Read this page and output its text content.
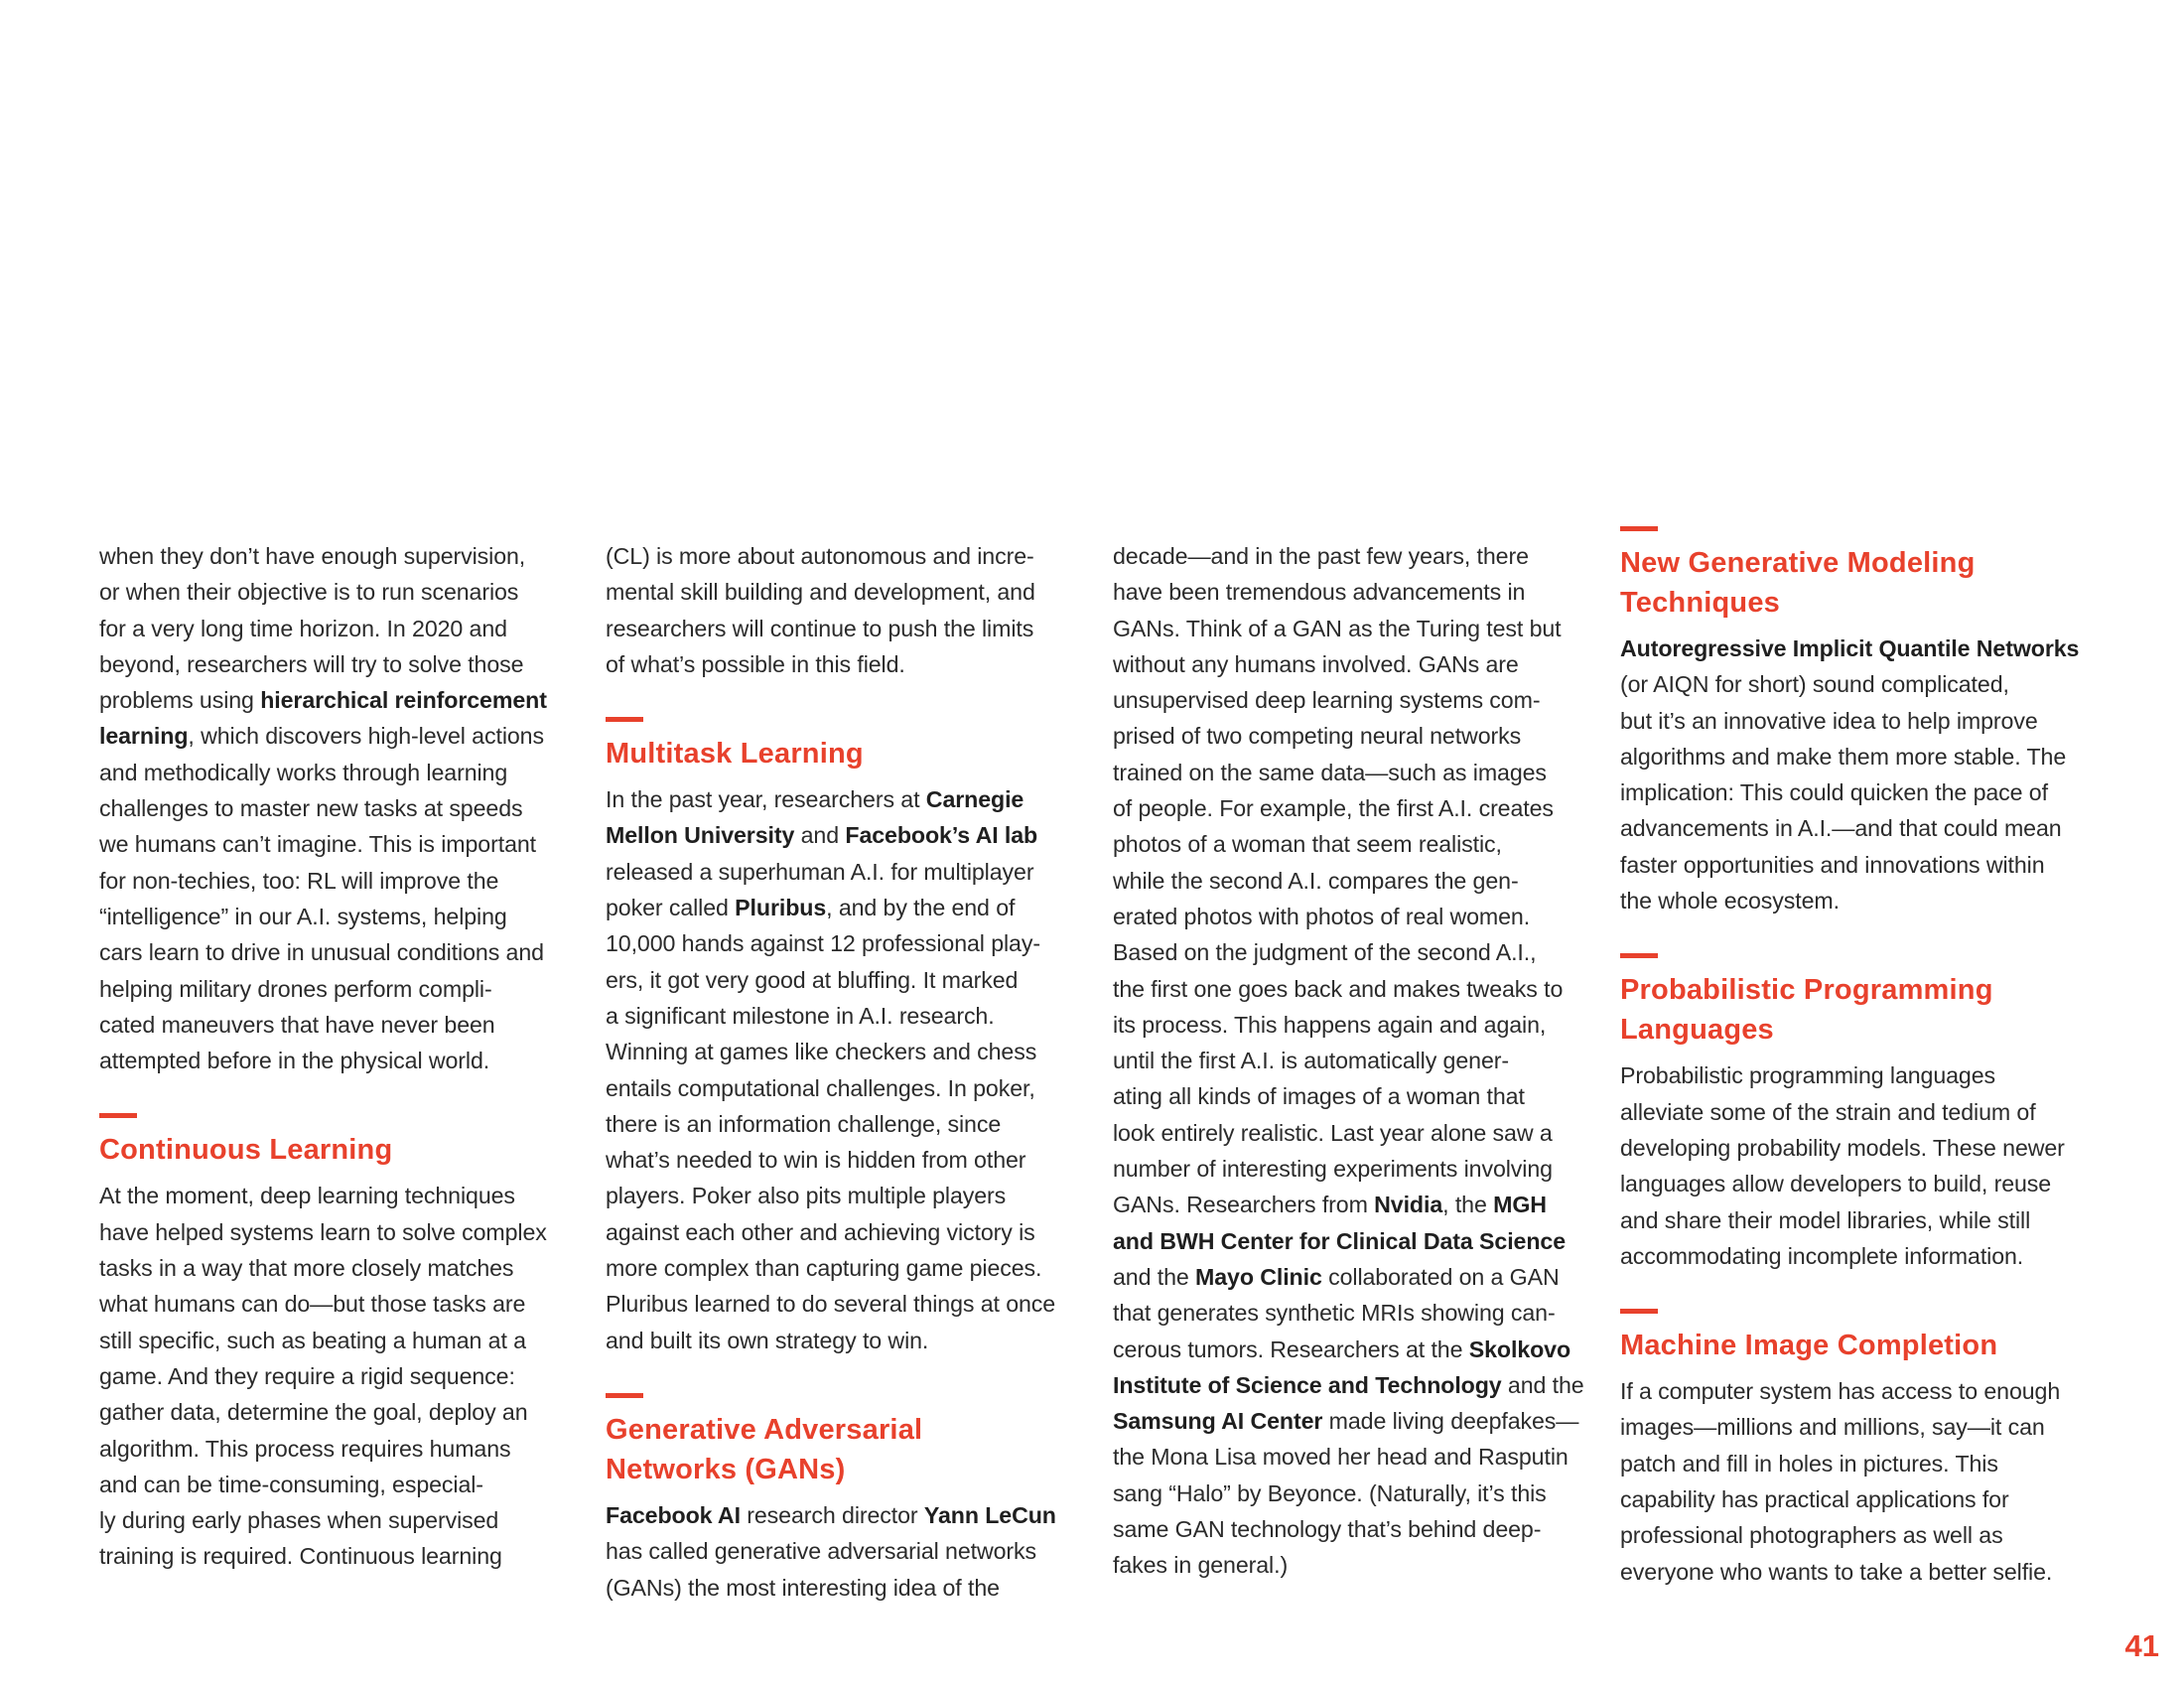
when they don’t have enough supervision,
or when their objective is to run scenarios
for a very long time horizon. In 2020 and
beyond, researchers will try to solve those
problems using hierarchical reinforcement
learning, which discovers high-level actions
and methodically works through learning
challenges to master new tasks at speeds
we humans can’t imagine. This is important
for non-techies, too: RL will improve the
“intelligence” in our A.I. systems, helping
cars learn to drive in unusual conditions and
helping military drones perform compli-
cated maneuvers that have never been
attempted before in the physical world.
Continuous Learning
At the moment, deep learning techniques
have helped systems learn to solve complex
tasks in a way that more closely matches
what humans can do—but those tasks are
still specific, such as beating a human at a
game. And they require a rigid sequence:
gather data, determine the goal, deploy an
algorithm. This process requires humans
and can be time-consuming, especial-
ly during early phases when supervised
training is required. Continuous learning
(CL) is more about autonomous and incre-
mental skill building and development, and
researchers will continue to push the limits
of what’s possible in this field.
Multitask Learning
In the past year, researchers at Carnegie
Mellon University and Facebook’s AI lab
released a superhuman A.I. for multiplayer
poker called Pluribus, and by the end of
10,000 hands against 12 professional play-
ers, it got very good at bluffing. It marked
a significant milestone in A.I. research.
Winning at games like checkers and chess
entails computational challenges. In poker,
there is an information challenge, since
what’s needed to win is hidden from other
players. Poker also pits multiple players
against each other and achieving victory is
more complex than capturing game pieces.
Pluribus learned to do several things at once
and built its own strategy to win.
Generative Adversarial
Networks (GANs)
Facebook AI research director Yann LeCun
has called generative adversarial networks
(GANs) the most interesting idea of the
decade—and in the past few years, there
have been tremendous advancements in
GANs. Think of a GAN as the Turing test but
without any humans involved. GANs are
unsupervised deep learning systems com-
prised of two competing neural networks
trained on the same data—such as images
of people. For example, the first A.I. creates
photos of a woman that seem realistic,
while the second A.I. compares the gen-
erated photos with photos of real women.
Based on the judgment of the second A.I.,
the first one goes back and makes tweaks to
its process. This happens again and again,
until the first A.I. is automatically gener-
ating all kinds of images of a woman that
look entirely realistic. Last year alone saw a
number of interesting experiments involving
GANs. Researchers from Nvidia, the MGH
and BWH Center for Clinical Data Science
and the Mayo Clinic collaborated on a GAN
that generates synthetic MRIs showing can-
cerous tumors. Researchers at the Skolkovo
Institute of Science and Technology and the
Samsung AI Center made living deepfakes—
the Mona Lisa moved her head and Rasputin
sang “Halo” by Beyonce. (Naturally, it’s this
same GAN technology that’s behind deep-
fakes in general.)
New Generative Modeling
Techniques
Autoregressive Implicit Quantile Networks
(or AIQN for short) sound complicated,
but it’s an innovative idea to help improve
algorithms and make them more stable. The
implication: This could quicken the pace of
advancements in A.I.—and that could mean
faster opportunities and innovations within
the whole ecosystem.
Probabilistic Programming
Languages
Probabilistic programming languages
alleviate some of the strain and tedium of
developing probability models. These newer
languages allow developers to build, reuse
and share their model libraries, while still
accommodating incomplete information.
Machine Image Completion
If a computer system has access to enough
images—millions and millions, say—it can
patch and fill in holes in pictures. This
capability has practical applications for
professional photographers as well as
everyone who wants to take a better selfie.
41
